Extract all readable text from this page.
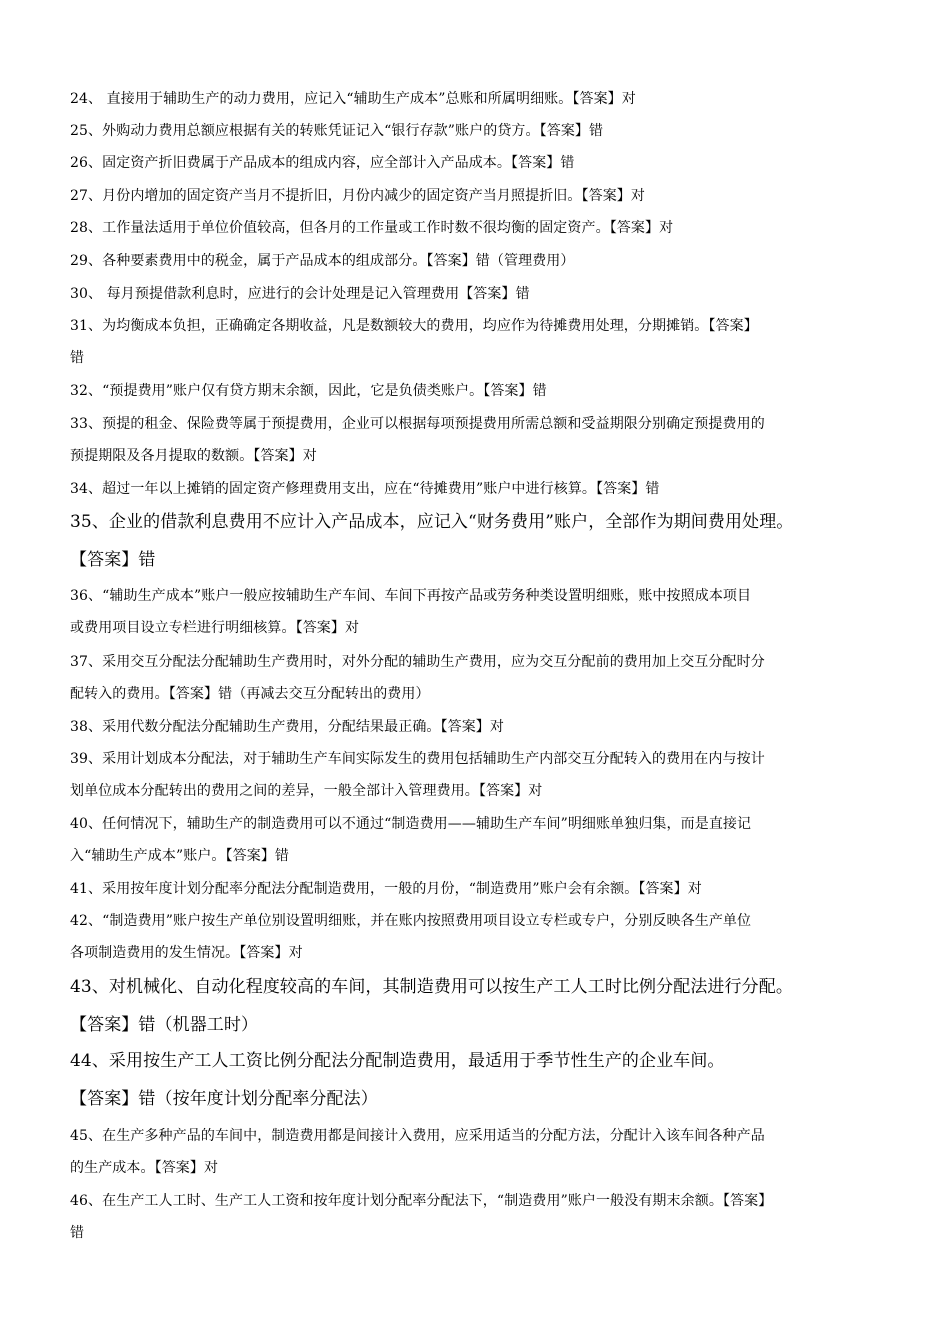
24、 直接用于辅助生产的动力费用，应记入“辅助生产成本”总账和所属明细账。【答案】对
25、外购动力费用总额应根据有关的转账凭证记入“银行存款”账户的贷方。【答案】错
26、固定资产折旧费属于产品成本的组成内容，应全部计入产品成本。【答案】错
27、月份内增加的固定资产当月不提折旧，月份内减少的固定资产当月照提折旧。【答案】对
28、工作量法适用于单位价值较高，但各月的工作量或工作时数不很均衡的固定资产。【答案】对
29、各种要素费用中的税金，属于产品成本的组成部分。【答案】错（管理费用）
30、 每月预提借款利息时，应进行的会计处理是记入管理费用【答案】错
31、为均衡成本负担，正确确定各期收益，凡是数额较大的费用，均应作为待摊费用处理，分期摊销。【答案】
错
32、“预提费用”账户仅有贷方期末余额，因此，它是负债类账户。【答案】错
33、预提的租金、保险费等属于预提费用，企业可以根据每项预提费用所需总额和受益期限分别确定预提费用的
预提期限及各月提取的数额。【答案】对
34、超过一年以上摊销的固定资产修理费用支出，应在“待摊费用”账户中进行核算。【答案】错
35、企业的借款利息费用不应计入产品成本，应记入“财务费用”账户，全部作为期间费用处理。
【答案】错
36、“辅助生产成本”账户一般应按辅助生产车间、车间下再按产品或劳务种类设置明细账，账中按照成本项目
或费用项目设立专栏进行明细核算。【答案】对
37、采用交互分配法分配辅助生产费用时，对外分配的辅助生产费用，应为交互分配前的费用加上交互分配时分
配转入的费用。【答案】错（再减去交互分配转出的费用）
38、采用代数分配法分配辅助生产费用，分配结果最正确。【答案】对
39、采用计划成本分配法，对于辅助生产车间实际发生的费用包括辅助生产内部交互分配转入的费用在内与按计
划单位成本分配转出的费用之间的差异，一般全部计入管理费用。【答案】对
40、任何情况下，辅助生产的制造费用可以不通过“制造费用——辅助生产车间”明细账单独归集，而是直接记
入“辅助生产成本”账户。【答案】错
41、采用按年度计划分配率分配法分配制造费用，一般的月份，“制造费用”账户会有余额。【答案】对
42、“制造费用”账户按生产单位别设置明细账，并在账内按照费用项目设立专栏或专户，分别反映各生产单位
各项制造费用的发生情况。【答案】对
43、对机械化、自动化程度较高的车间，其制造费用可以按生产工人工时比例分配法进行分配。
【答案】错（机器工时）
44、采用按生产工人工资比例分配法分配制造费用，最适用于季节性生产的企业车间。
【答案】错（按年度计划分配率分配法）
45、在生产多种产品的车间中，制造费用都是间接计入费用，应采用适当的分配方法，分配计入该车间各种产品
的生产成本。【答案】对
46、在生产工人工时、生产工人工资和按年度计划分配率分配法下，“制造费用”账户一般没有期末余额。【答案】
错
